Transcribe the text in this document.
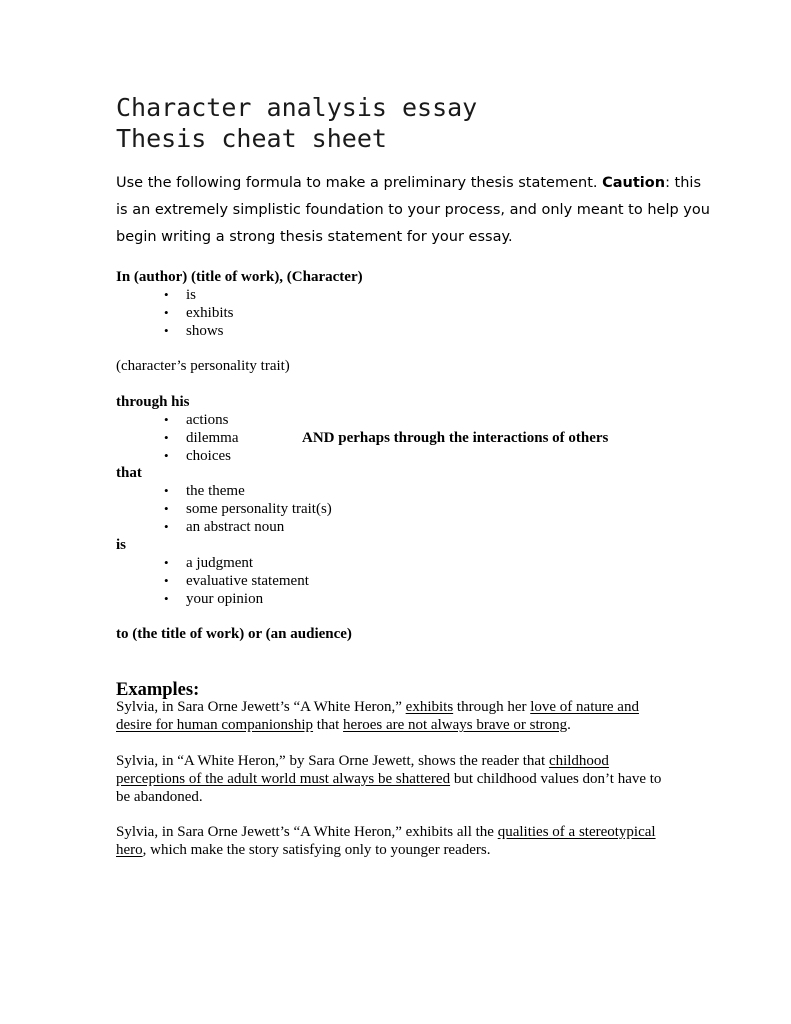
Character analysis essay
Thesis cheat sheet

Use the following formula to make a preliminary thesis statement. Caution: this is an extremely simplistic foundation to your process, and only meant to help you begin writing a strong thesis statement for your essay.

In (author) (title of work), (Character)

• is
• exhibits
• shows

(character’s personality trait)

through his

• actions
• dilemma
• choices

AND perhaps through the interactions of others

that

• the theme
• some personality trait(s)
• an abstract noun

is

• a judgment
• evaluative statement
• your opinion

to (the title of work) or (an audience)

Examples:

Sylvia, in Sara Orne Jewett’s “A White Heron,” exhibits through her love of nature and desire for human companionship that heroes are not always brave or strong.

Sylvia, in “A White Heron,” by Sara Orne Jewett, shows the reader that childhood perceptions of the adult world must always be shattered but childhood values don’t have to be abandoned.

Sylvia, in Sara Orne Jewett’s “A White Heron,” exhibits all the qualities of a stereotypical hero, which make the story satisfying only to younger readers.
